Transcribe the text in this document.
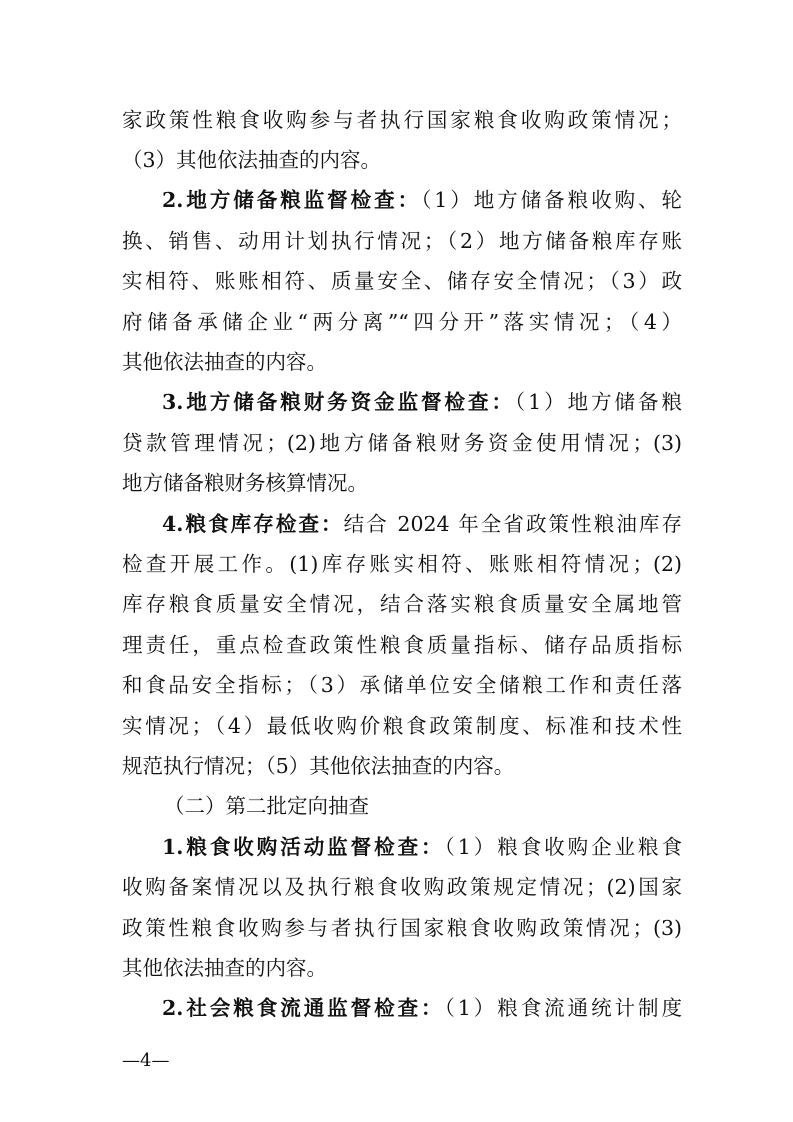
家政策性粮食收购参与者执行国家粮食收购政策情况；
（3）其他依法抽查的内容。
2.地方储备粮监督检查：（1）地方储备粮收购、轮
换、销售、动用计划执行情况；（2）地方储备粮库存账
实相符、账账相符、质量安全、储存安全情况；（3）政
府储备承储企业“两分离”“四分开”落实情况；（4）
其他依法抽查的内容。
3.地方储备粮财务资金监督检查：（1）地方储备粮
贷款管理情况；(2)地方储备粮财务资金使用情况；(3)
地方储备粮财务核算情况。
4.粮食库存检查：结合 2024 年全省政策性粮油库存
检查开展工作。(1)库存账实相符、账账相符情况；(2)
库存粮食质量安全情况，结合落实粮食质量安全属地管
理责任，重点检查政策性粮食质量指标、储存品质指标
和食品安全指标；（3）承储单位安全储粮工作和责任落
实情况；（4）最低收购价粮食政策制度、标准和技术性
规范执行情况；（5）其他依法抽查的内容。
（二）第二批定向抽查
1.粮食收购活动监督检查：（1）粮食收购企业粮食
收购备案情况以及执行粮食收购政策规定情况；(2)国家
政策性粮食收购参与者执行国家粮食收购政策情况；(3)
其他依法抽查的内容。
2.社会粮食流通监督检查：（1）粮食流通统计制度
—4—
